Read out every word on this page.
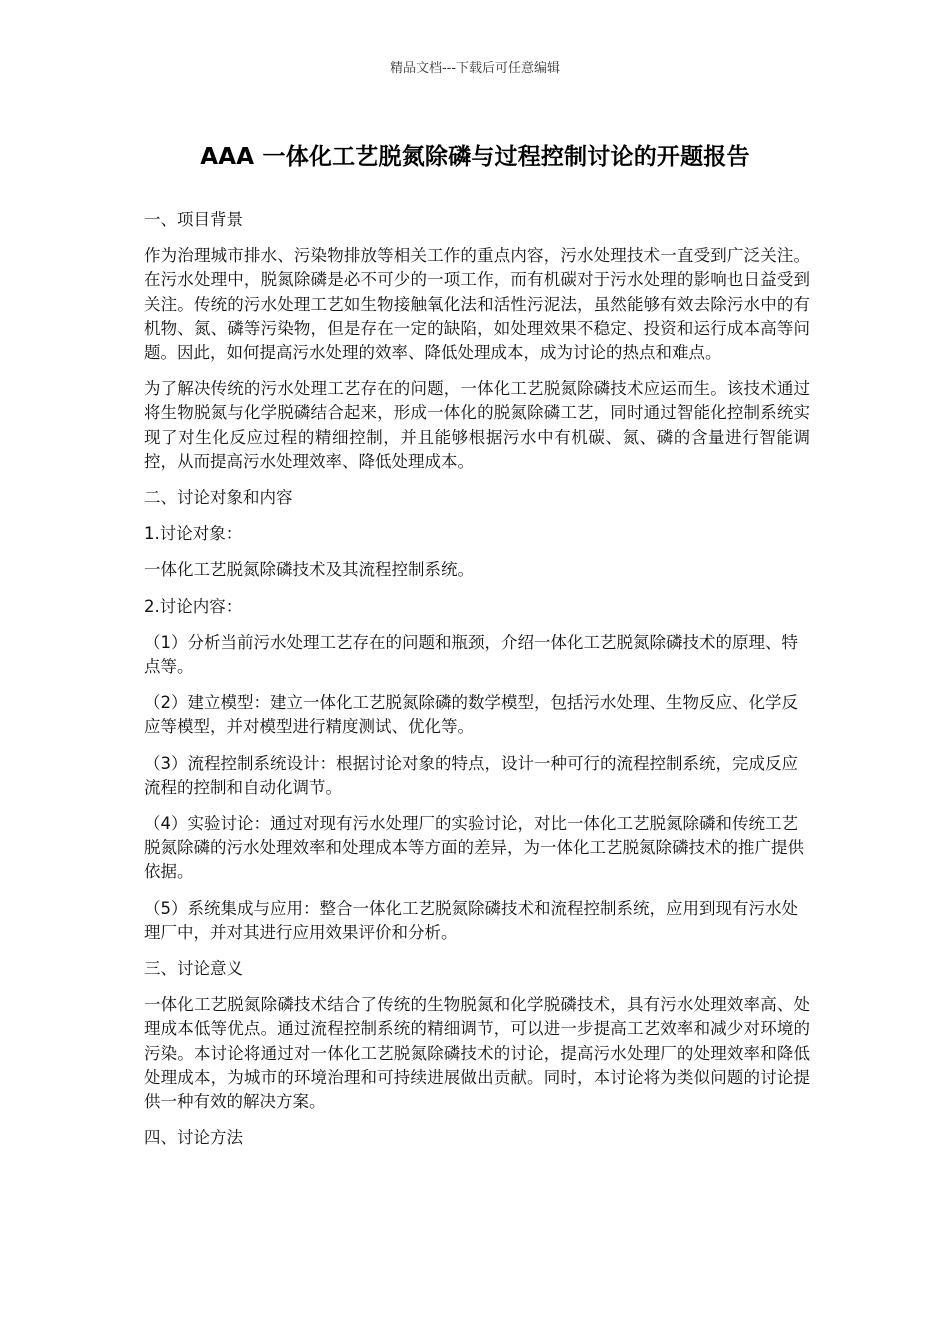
精品文档---下载后可任意编辑
AAA 一体化工艺脱氮除磷与过程控制讨论的开题报告
一、项目背景
作为治理城市排水、污染物排放等相关工作的重点内容，污水处理技术一直受到广泛关注。在污水处理中，脱氮除磷是必不可少的一项工作，而有机碳对于污水处理的影响也日益受到关注。传统的污水处理工艺如生物接触氧化法和活性污泥法，虽然能够有效去除污水中的有机物、氮、磷等污染物，但是存在一定的缺陷，如处理效果不稳定、投资和运行成本高等问题。因此，如何提高污水处理的效率、降低处理成本，成为讨论的热点和难点。
为了解决传统的污水处理工艺存在的问题，一体化工艺脱氮除磷技术应运而生。该技术通过将生物脱氮与化学脱磷结合起来，形成一体化的脱氮除磷工艺，同时通过智能化控制系统实现了对生化反应过程的精细控制，并且能够根据污水中有机碳、氮、磷的含量进行智能调控，从而提高污水处理效率、降低处理成本。
二、讨论对象和内容
1.讨论对象：
一体化工艺脱氮除磷技术及其流程控制系统。
2.讨论内容：
（1）分析当前污水处理工艺存在的问题和瓶颈，介绍一体化工艺脱氮除磷技术的原理、特点等。
（2）建立模型：建立一体化工艺脱氮除磷的数学模型，包括污水处理、生物反应、化学反应等模型，并对模型进行精度测试、优化等。
（3）流程控制系统设计：根据讨论对象的特点，设计一种可行的流程控制系统，完成反应流程的控制和自动化调节。
（4）实验讨论：通过对现有污水处理厂的实验讨论，对比一体化工艺脱氮除磷和传统工艺脱氮除磷的污水处理效率和处理成本等方面的差异，为一体化工艺脱氮除磷技术的推广提供依据。
（5）系统集成与应用：整合一体化工艺脱氮除磷技术和流程控制系统，应用到现有污水处理厂中，并对其进行应用效果评价和分析。
三、讨论意义
一体化工艺脱氮除磷技术结合了传统的生物脱氮和化学脱磷技术，具有污水处理效率高、处理成本低等优点。通过流程控制系统的精细调节，可以进一步提高工艺效率和减少对环境的污染。本讨论将通过对一体化工艺脱氮除磷技术的讨论，提高污水处理厂的处理效率和降低处理成本，为城市的环境治理和可持续进展做出贡献。同时，本讨论将为类似问题的讨论提供一种有效的解决方案。
四、讨论方法
